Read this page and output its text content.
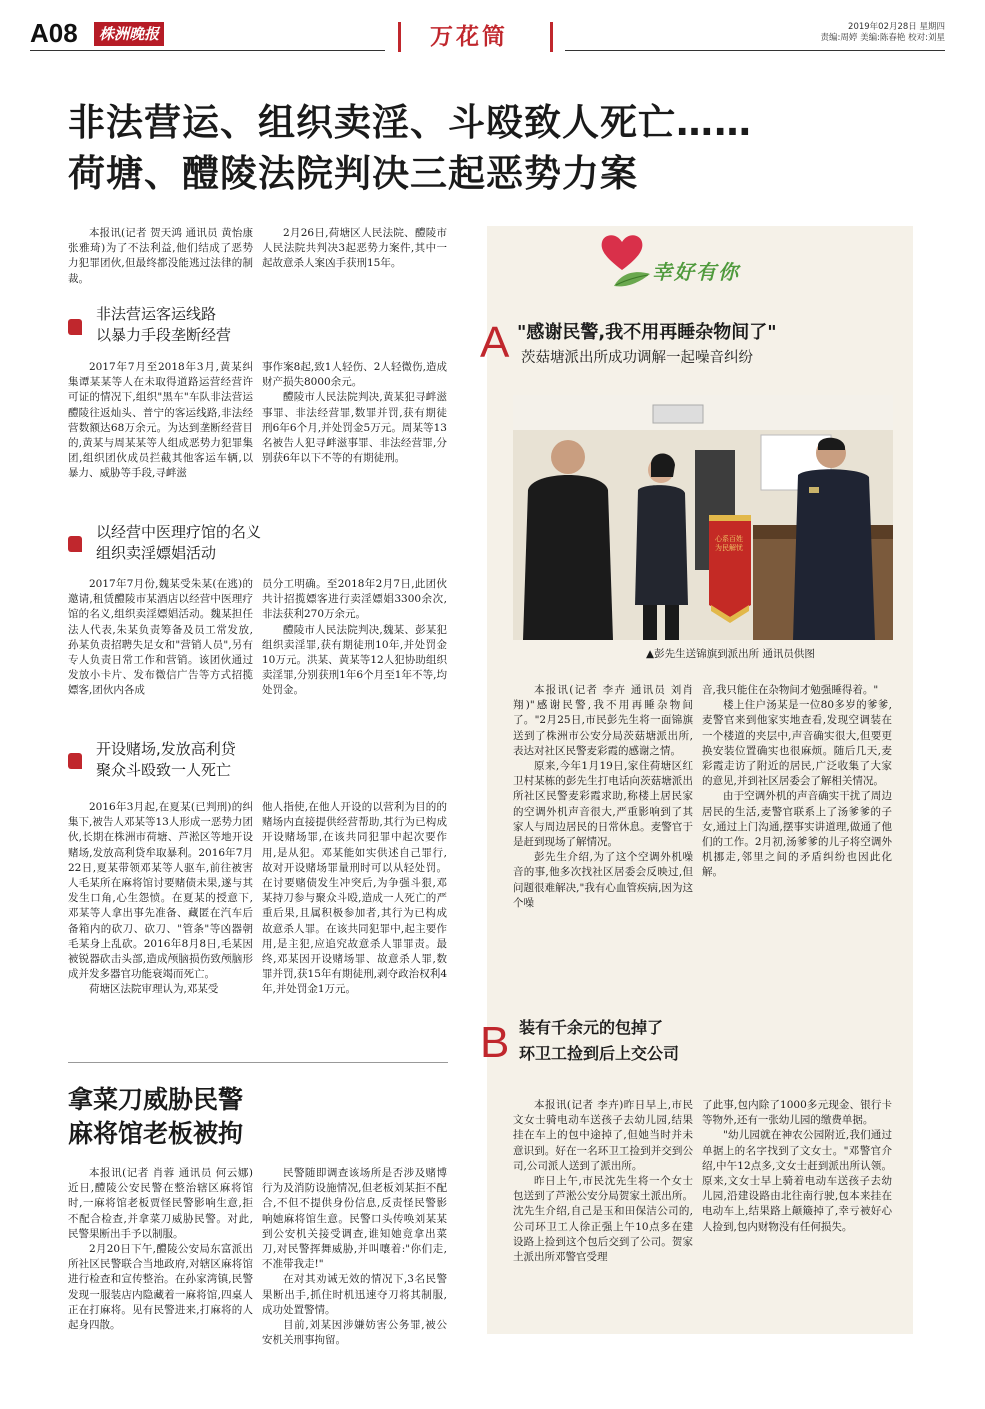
A08	株洲晚报	万花筒	2019年02月28日 星期四
责编:周婷 美编:陈春艳 校对:刘星
非法营运、组织卖淫、斗殴致人死亡……
荷塘、醴陵法院判决三起恶势力案

本报讯(记者 贺天鸿 通讯员 黄怡康 张雅琦)为了不法利益,他们结成了恶势力犯罪团伙,但最终都没能逃过法律的制裁。

2月26日,荷塘区人民法院、醴陵市人民法院共判决3起恶势力案件,其中一起故意杀人案凶手获刑15年。

非法营运客运线路
以暴力手段垄断经营

2017年7月至2018年3月,黄某纠集谭某某等人在未取得道路运营经营许可证的情况下,组织"黑车"车队非法营运醴陵往返灿头、普宁的客运线路,非法经营数额达68万余元。为达到垄断经营目的,黄某与周某某等人组成恶势力犯罪集团,组织团伙成员拦截其他客运车辆,以暴力、威胁等手段,寻衅滋

事作案8起,致1人轻伤、2人轻微伤,造成财产损失8000余元。

醴陵市人民法院判决,黄某犯寻衅滋事罪、非法经营罪,数罪并罚,获有期徒刑6年6个月,并处罚金5万元。周某等13名被告人犯寻衅滋事罪、非法经营罪,分别获6年以下不等的有期徒刑。

以经营中医理疗馆的名义
组织卖淫嫖娼活动

2017年7月份,魏某受朱某(在逃)的邀请,租赁醴陵市某酒店以经营中医理疗馆的名义,组织卖淫嫖娼活动。魏某担任法人代表,朱某负责筹备及员工常发放,孙某负责招聘失足女和"营销人员",另有专人负责日常工作和营销。该团伙通过发放小卡片、发布微信广告等方式招揽嫖客,团伙内各成

员分工明确。至2018年2月7日,此团伙共计招揽嫖客进行卖淫嫖娼3300余次,非法获利270万余元。

醴陵市人民法院判决,魏某、彭某犯组织卖淫罪,获有期徒刑10年,并处罚金10万元。洪某、黄某等12人犯协助组织卖淫罪,分别获刑1年6个月至1年不等,均处罚金。

开设赌场,发放高利贷
聚众斗殴致一人死亡

2016年3月起,在夏某(已判刑)的纠集下,被告人邓某等13人形成一恶势力团伙,长期在株洲市荷塘、芦淞区等地开设赌场,发放高利贷牟取暴利。2016年7月22日,夏某带领邓某等人驱车,前往被害人毛某所在麻将馆讨要赌债未果,遂与其发生口角,心生怨愤。在夏某的授意下,邓某等人拿出事先准备、藏匿在汽车后备箱内的砍刀、砍刀、"管条"等凶器朝毛某身上乱砍。2016年8月8日,毛某因被锐器砍击头部,造成颅脑损伤致颅脑形成并发多器官功能衰竭而死亡。

荷塘区法院审理认为,邓某受

他人指使,在他人开设的以营利为目的的赌场内直接提供经营帮助,其行为已构成开设赌场罪,在该共同犯罪中起次要作用,是从犯。邓某能如实供述自己罪行,故对开设赌场罪量刑时可以从轻处罚。在讨要赌债发生冲突后,为争强斗狠,邓某持刀参与聚众斗殴,造成一人死亡的严重后果,且属积极参加者,其行为已构成故意杀人罪。在该共同犯罪中,起主要作用,是主犯,应追究故意杀人罪罪责。最终,邓某因开设赌场罪、故意杀人罪,数罪并罚,获15年有期徒刑,剥夺政治权利4年,并处罚金1万元。

拿菜刀威胁民警
麻将馆老板被拘

本报讯(记者 肖蓉 通讯员 何云娜)近日,醴陵公安民警在整治辖区麻将馆时,一麻将馆老板贾怪民警影响生意,拒不配合检查,并拿菜刀威胁民警。对此,民警果断出手予以制服。

2月20日下午,醴陵公安局东富派出所社区民警联合当地政府,对辖区麻将馆进行检查和宣传整治。在孙家湾镇,民警发现一服装店内隐藏着一麻将馆,四桌人正在打麻将。见有民警进来,打麻将的人起身四散。

民警随即调查该场所是否涉及赌博行为及消防设施情况,但老板刘某拒不配合,不但不提供身份信息,反责怪民警影响她麻将馆生意。民警口头传唤刘某某到公安机关接受调查,谁知她竟拿出菜刀,对民警挥舞威胁,并叫嚷着:"你们走,不准带我走!"

在对其劝诫无效的情况下,3名民警果断出手,抓住时机迅速夺刀将其制服,成功处置警情。

目前,刘某因涉嫌妨害公务罪,被公安机关刑事拘留。

幸好有你
A "感谢民警,我不用再睡杂物间了"
茨菇塘派出所成功调解一起噪音纠纷
心系百姓 为民解忧
▲彭先生送锦旗到派出所 通讯员供图

本报讯(记者 李卉 通讯员 刘肖翔)"感谢民警,我不用再睡杂物间了。"2月25日,市民彭先生将一面锦旗送到了株洲市公安分局茨菇塘派出所,表达对社区民警麦彩霞的感谢之情。

原来,今年1月19日,家住荷塘区红卫村某栋的彭先生打电话向茨菇塘派出所社区民警麦彩霞求助,称楼上居民家的空调外机声音很大,严重影响到了其家人与周边居民的日常休息。麦警官于是赶到现场了解情况。

彭先生介绍,为了这个空调外机噪音的事,他多次找社区居委会反映过,但问题很难解决,"我有心血管疾病,因为这个噪

音,我只能住在杂物间才勉强睡得着。"

楼上住户汤某是一位80多岁的爹爹,麦警官来到他家实地查看,发现空调装在一个楼道的夹层中,声音确实很大,但要更换安装位置确实也很麻烦。随后几天,麦彩霞走访了附近的居民,广泛收集了大家的意见,并到社区居委会了解相关情况。

由于空调外机的声音确实干扰了周边居民的生活,麦警官联系上了汤爹爹的子女,通过上门沟通,摆事实讲道理,做通了他们的工作。2月初,汤爹爹的儿子将空调外机挪走,邻里之间的矛盾纠纷也因此化解。

B 装有千余元的包掉了
环卫工捡到后上交公司

本报讯(记者 李卉)昨日早上,市民文女士骑电动车送孩子去幼儿园,结果挂在车上的包中途掉了,但她当时并未意识到。好在一名环卫工捡到并交到公司,公司派人送到了派出所。

昨日上午,市民沈先生将一个女士包送到了芦淞公安分局贺家土派出所。沈先生介绍,自己是玉和田保洁公司的,公司环卫工人徐正强上午10点多在建设路上捡到这个包后交到了公司。贺家土派出所邓警官受理

了此事,包内除了1000多元现金、银行卡等物外,还有一张幼儿园的缴费单据。

"幼儿园就在神农公园附近,我们通过单据上的名字找到了文女士。"邓警官介绍,中午12点多,文女士赶到派出所认领。原来,文女士早上骑着电动车送孩子去幼儿园,沿建设路由北往南行驶,包本来挂在电动车上,结果路上颠簸掉了,幸亏被好心人捡到,包内财物没有任何损失。
